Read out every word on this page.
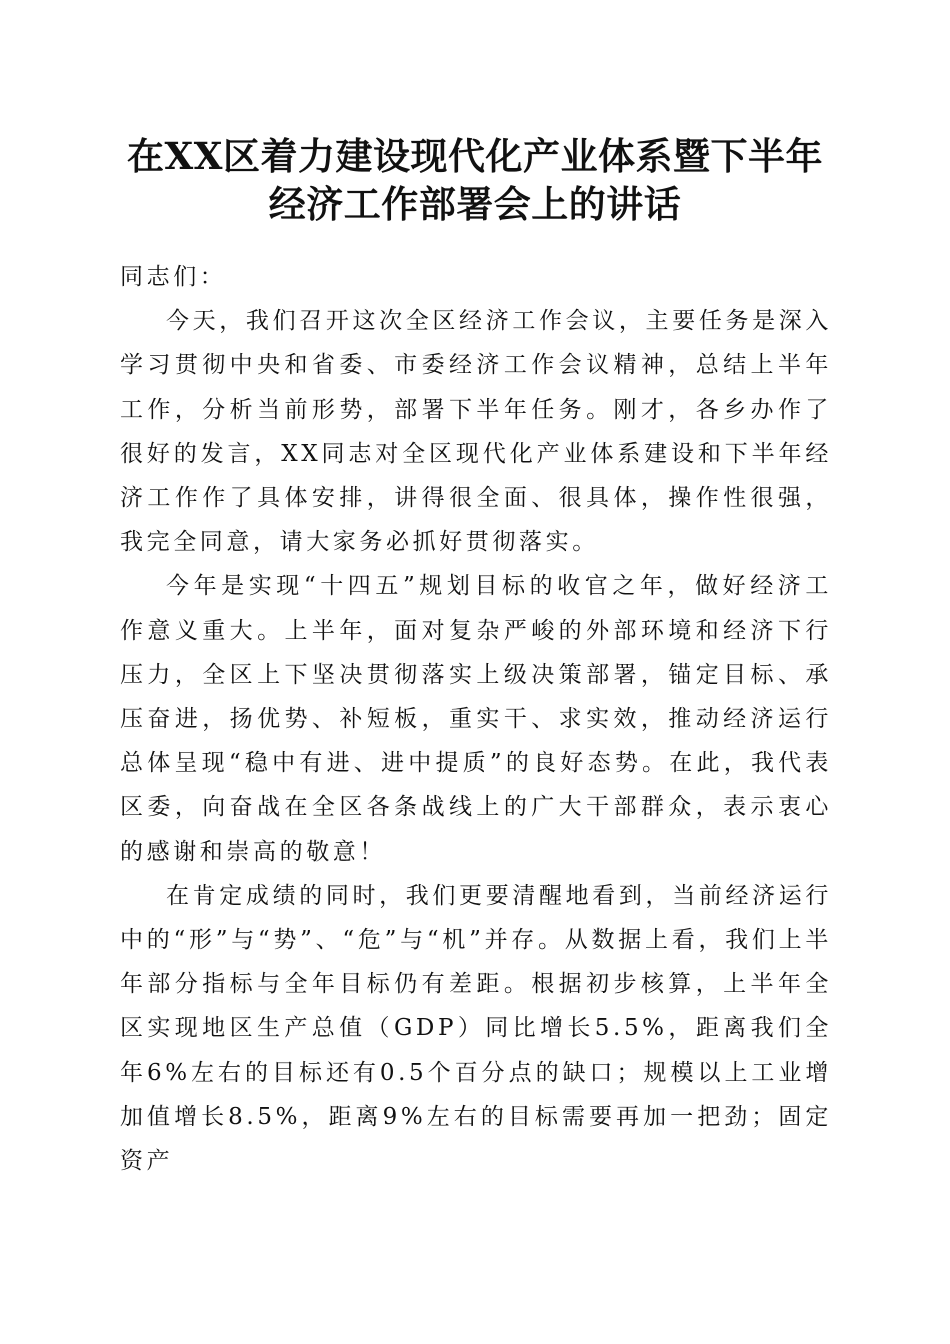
在XX区着力建设现代化产业体系暨下半年经济工作部署会上的讲话

同志们：

今天，我们召开这次全区经济工作会议，主要任务是深入学习贯彻中央和省委、市委经济工作会议精神，总结上半年工作，分析当前形势，部署下半年任务。刚才，各乡办作了很好的发言，XX同志对全区现代化产业体系建设和下半年经济工作作了具体安排，讲得很全面、很具体，操作性很强，我完全同意，请大家务必抓好贯彻落实。

今年是实现“十四五”规划目标的收官之年，做好经济工作意义重大。上半年，面对复杂严峻的外部环境和经济下行压力，全区上下坚决贯彻落实上级决策部署，锚定目标、承压奋进，扬优势、补短板，重实干、求实效，推动经济运行总体呈现“稳中有进、进中提质”的良好态势。在此，我代表区委，向奋战在全区各条战线上的广大干部群众，表示衷心的感谢和崇高的敬意！

在肯定成绩的同时，我们更要清醒地看到，当前经济运行中的“形”与“势”、“危”与“机”并存。从数据上看，我们上半年部分指标与全年目标仍有差距。根据初步核算，上半年全区实现地区生产总值（GDP）同比增长5.5%，距离我们全年6%左右的目标还有0.5个百分点的缺口；规模以上工业增加值增长8.5%，距离9%左右的目标需要再加一把劲；固定资产
